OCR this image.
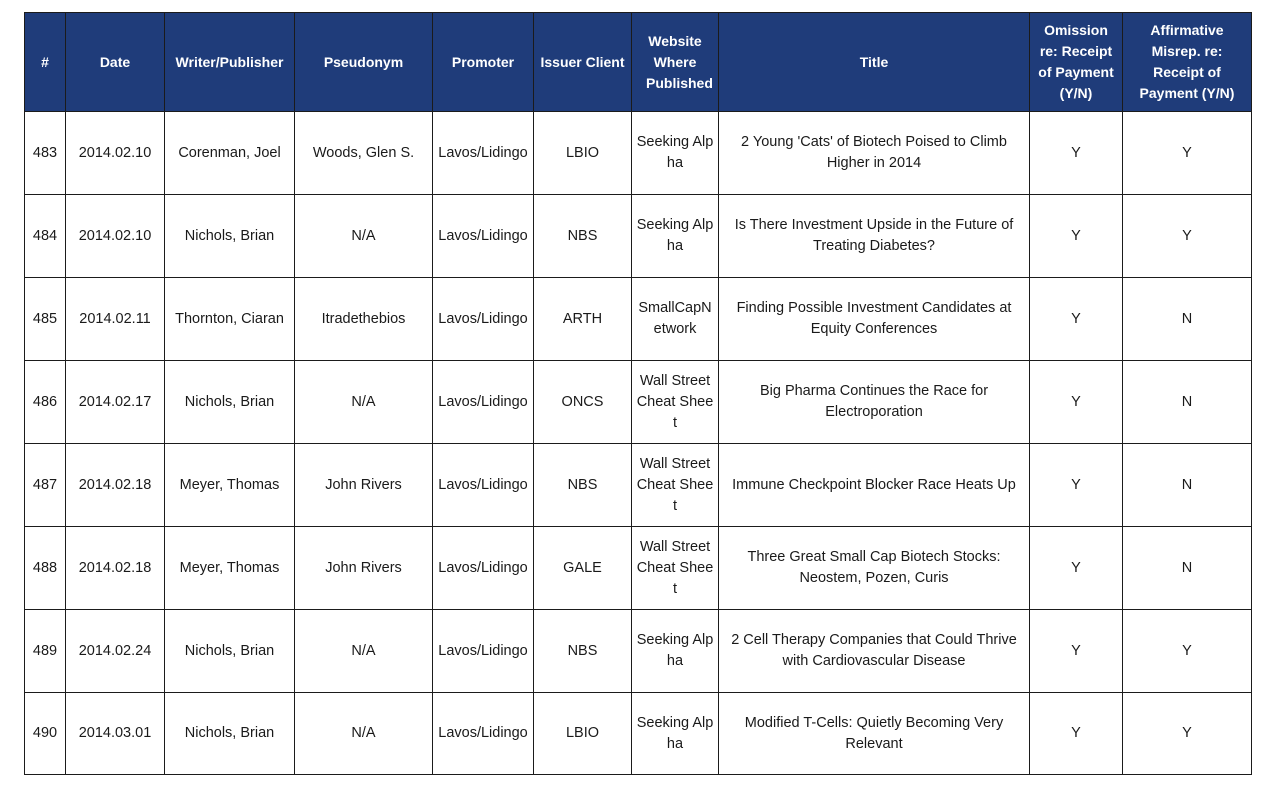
#	Date	Writer/Publisher	Pseudonym	Promoter	Issuer Client	Website Where Published	Title	Omission re: Receipt of Payment (Y/N)	Affirmative Misrep. re: Receipt of Payment (Y/N)
483	2014.02.10	Corenman, Joel	Woods, Glen S.	Lavos/Lidingo	LBIO	Seeking Alpha	2 Young 'Cats' of Biotech Poised to Climb Higher in 2014	Y	Y
484	2014.02.10	Nichols, Brian	N/A	Lavos/Lidingo	NBS	Seeking Alpha	Is There Investment Upside in the Future of Treating Diabetes?	Y	Y
485	2014.02.11	Thornton, Ciaran	Itradethebios	Lavos/Lidingo	ARTH	SmallCapNetwork	Finding Possible Investment Candidates at Equity Conferences	Y	N
486	2014.02.17	Nichols, Brian	N/A	Lavos/Lidingo	ONCS	Wall Street Cheat Sheet	Big Pharma Continues the Race for Electroporation	Y	N
487	2014.02.18	Meyer, Thomas	John Rivers	Lavos/Lidingo	NBS	Wall Street Cheat Sheet	Immune Checkpoint Blocker Race Heats Up	Y	N
488	2014.02.18	Meyer, Thomas	John Rivers	Lavos/Lidingo	GALE	Wall Street Cheat Sheet	Three Great Small Cap Biotech Stocks: Neostem, Pozen, Curis	Y	N
489	2014.02.24	Nichols, Brian	N/A	Lavos/Lidingo	NBS	Seeking Alpha	2 Cell Therapy Companies that Could Thrive with Cardiovascular Disease	Y	Y
490	2014.03.01	Nichols, Brian	N/A	Lavos/Lidingo	LBIO	Seeking Alpha	Modified T-Cells: Quietly Becoming Very Relevant	Y	Y
